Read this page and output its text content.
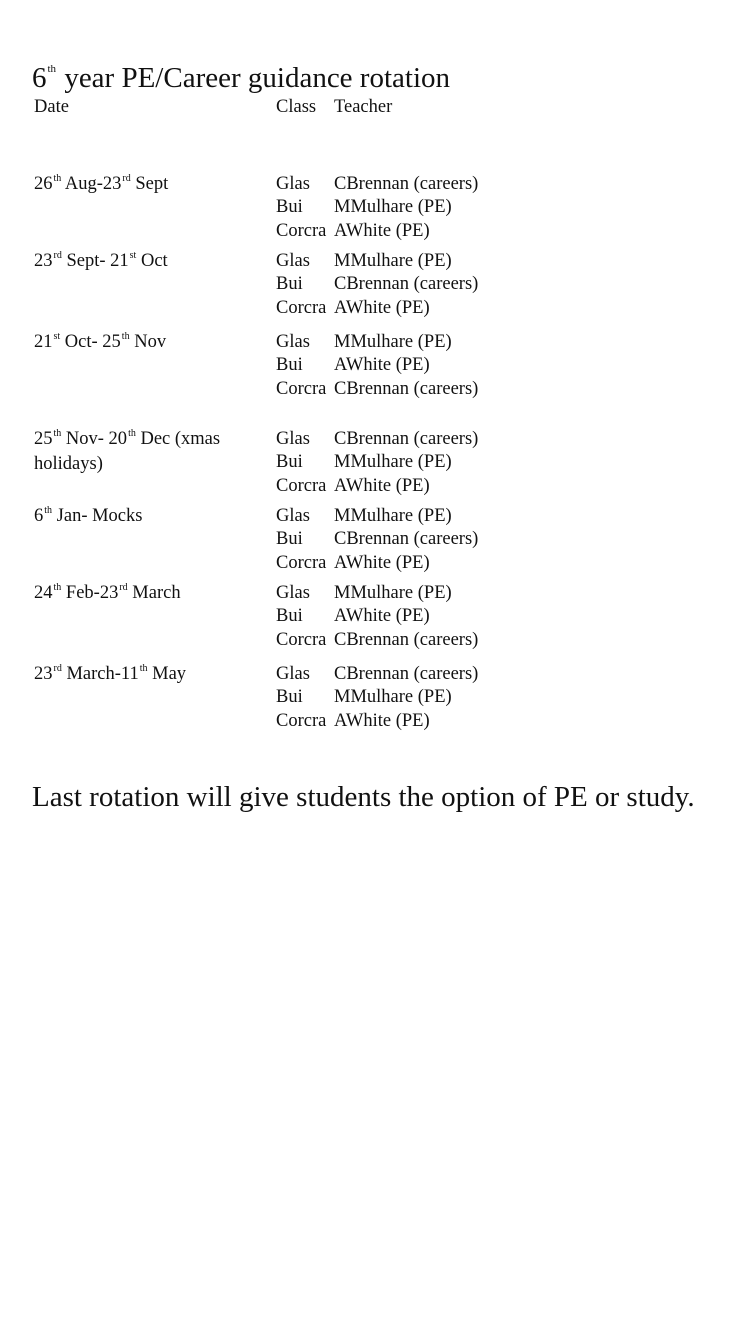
6th year PE/Career guidance rotation
Date	Class Teacher
26th Aug-23rd Sept	Glas CBrennan (careers)
Bui MMulhare (PE)
Corcra AWhite (PE)
23rd Sept- 21st Oct	Glas MMulhare (PE)
Bui CBrennan (careers)
Corcra AWhite (PE)
21st Oct- 25th Nov	Glas MMulhare (PE)
Bui AWhite (PE)
Corcra CBrennan (careers)
25th Nov- 20th Dec (xmas holidays)
Glas CBrennan (careers)
Bui MMulhare (PE)
Corcra AWhite (PE)
6th Jan- Mocks	Glas MMulhare (PE)
Bui CBrennan (careers)
Corcra AWhite (PE)
24th Feb-23rd March	Glas MMulhare (PE)
Bui AWhite (PE)
Corcra CBrennan (careers)
23rd March-11th May	Glas CBrennan (careers)
Bui MMulhare (PE)
Corcra AWhite (PE)
Last rotation will give students the option of PE or study.
